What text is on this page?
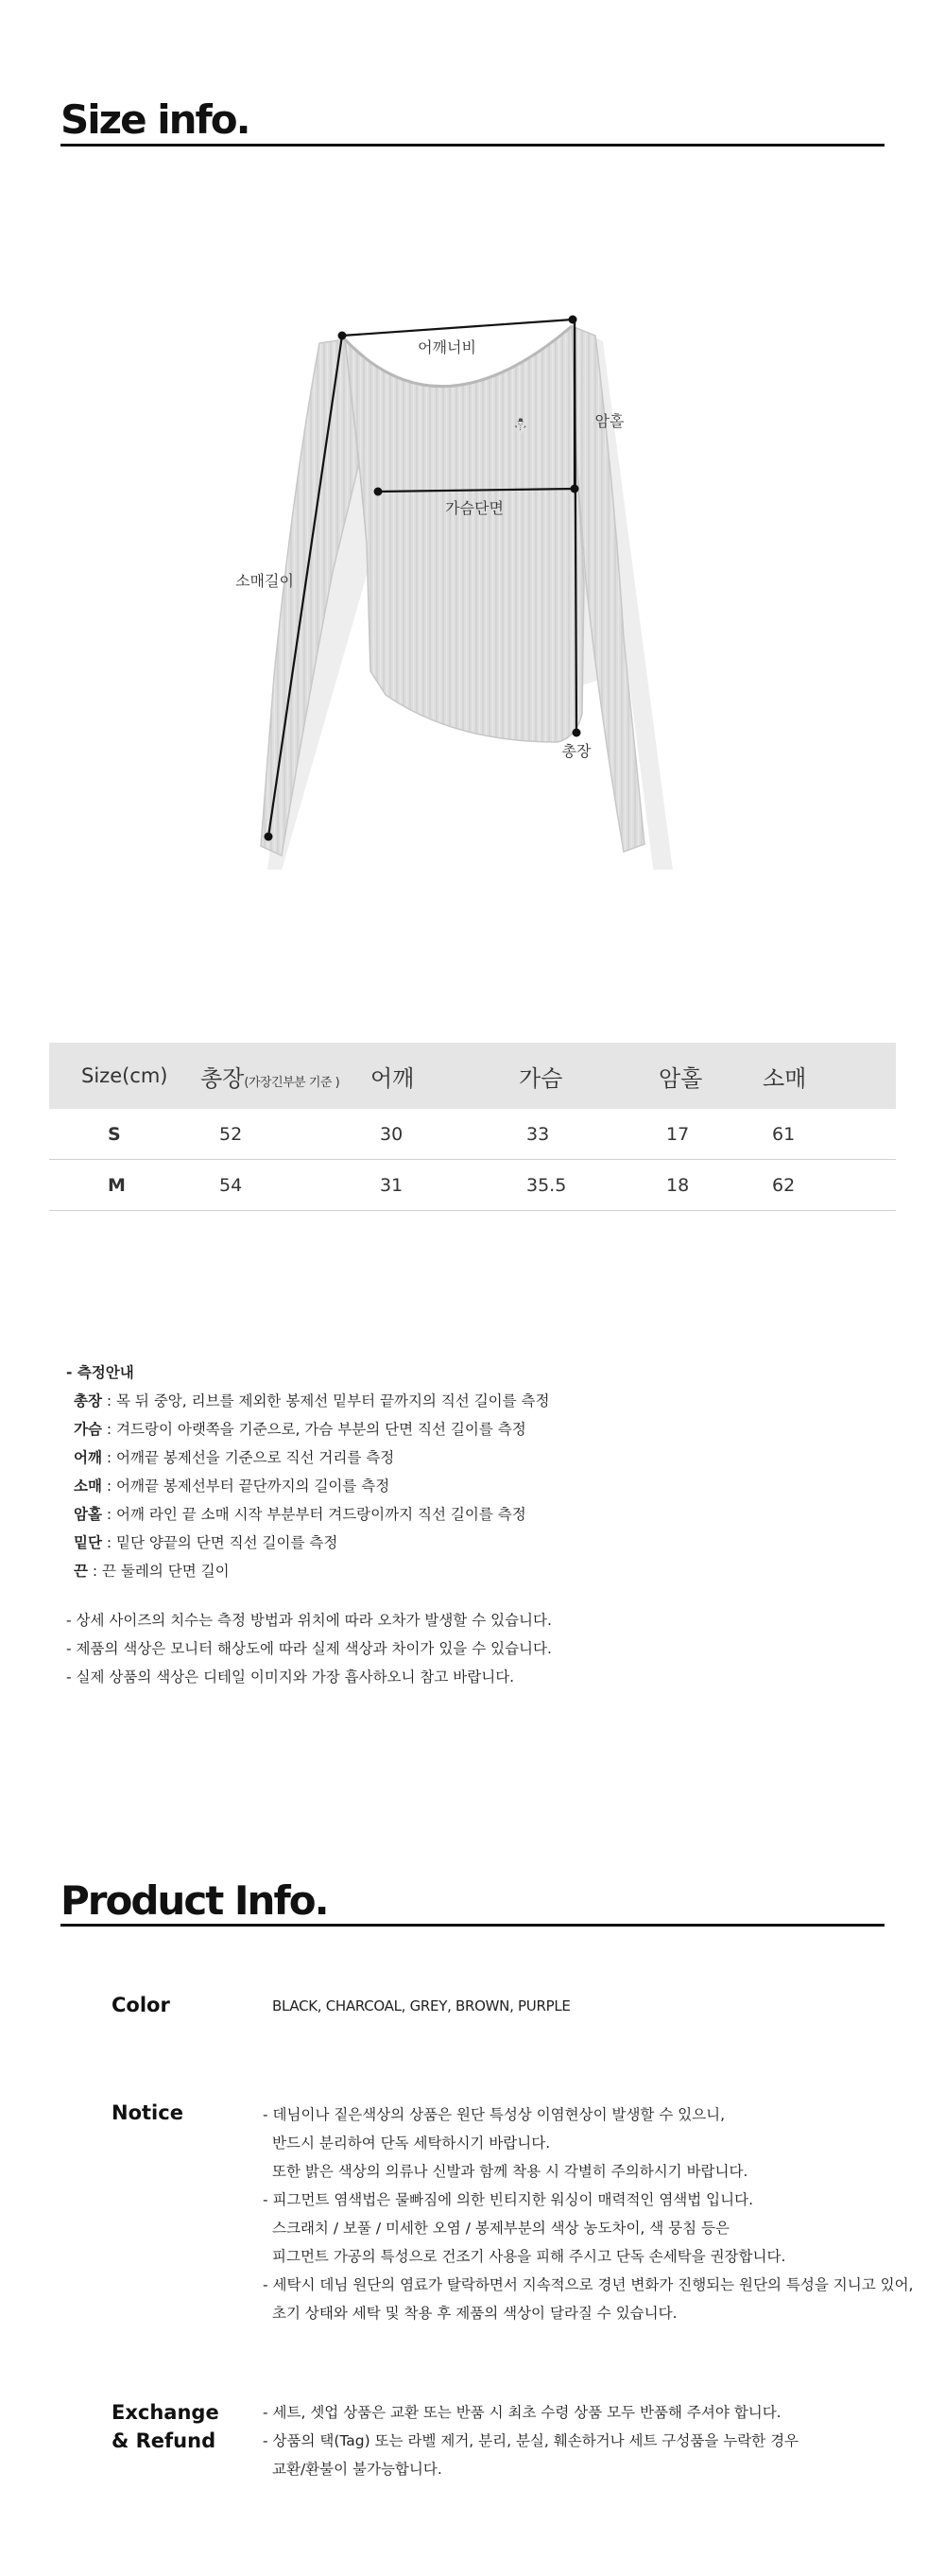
Size info.
⛄
어깨너비
암홀
가슴단면
소매길이
총장
Size(cm)	총장(가장긴부분 기준 )	어깨	가슴	암홀	소매
S	52	30	33	17	61
M	54	31	35.5	18	62
- 측정안내
총장 : 목 뒤 중앙, 리브를 제외한 봉제선 밑부터 끝까지의 직선 길이를 측정
가슴 : 겨드랑이 아랫쪽을 기준으로, 가슴 부분의 단면 직선 길이를 측정
어깨 : 어깨끝 봉제선을 기준으로 직선 거리를 측정
소매 : 어깨끝 봉제선부터 끝단까지의 길이를 측정
암홀 : 어깨 라인 끝 소매 시작 부분부터 겨드랑이까지 직선 길이를 측정
밑단 : 밑단 양끝의 단면 직선 길이를 측정
끈 : 끈 둘레의 단면 길이
- 상세 사이즈의 치수는 측정 방법과 위치에 따라 오차가 발생할 수 있습니다.
- 제품의 색상은 모니터 해상도에 따라 실제 색상과 차이가 있을 수 있습니다.
- 실제 상품의 색상은 디테일 이미지와 가장 흡사하오니 참고 바랍니다.
Product Info.
Color	BLACK, CHARCOAL, GREY, BROWN, PURPLE
Notice	- 데님이나 짙은색상의 상품은 원단 특성상 이염현상이 발생할 수 있으니,
반드시 분리하여 단독 세탁하시기 바랍니다.
또한 밝은 색상의 의류나 신발과 함께 착용 시 각별히 주의하시기 바랍니다.
- 피그먼트 염색법은 물빠짐에 의한 빈티지한 워싱이 매력적인 염색법 입니다.
스크래치 / 보풀 / 미세한 오염 / 봉제부분의 색상 농도차이, 색 뭉침 등은
피그먼트 가공의 특성으로 건조기 사용을 피해 주시고 단독 손세탁을 권장합니다.
- 세탁시 데님 원단의 염료가 탈락하면서 지속적으로 경년 변화가 진행되는 원단의 특성을 지니고 있어,
초기 상태와 세탁 및 착용 후 제품의 색상이 달라질 수 있습니다.
Exchange
& Refund
- 세트, 셋업 상품은 교환 또는 반품 시 최초 수령 상품 모두 반품해 주셔야 합니다.
- 상품의 택(Tag) 또는 라벨 제거, 분리, 분실, 훼손하거나 세트 구성품을 누락한 경우
교환/환불이 불가능합니다.
